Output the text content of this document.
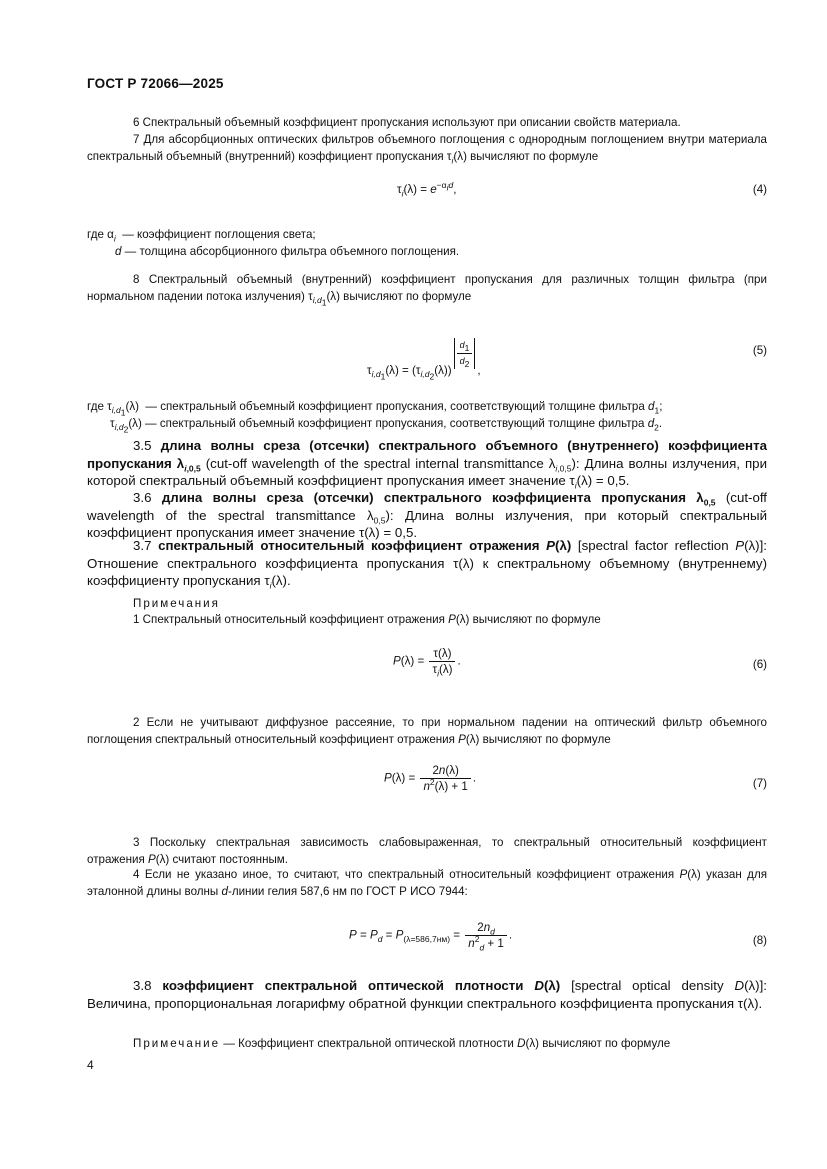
ГОСТ Р 72066—2025
6 Спектральный объемный коэффициент пропускания используют при описании свойств материала.
7 Для абсорбционных оптических фильтров объемного поглощения с однородным поглощением внутри материала спектральный объемный (внутренний) коэффициент пропускания $\tau_i(\lambda)$ вычисляют по формуле
$\tau_i(\lambda) = e^{-\alpha_id}$,	(4)
где $\alpha_i$  — коэффициент поглощения света;
d — толщина абсорбционного фильтра объемного поглощения.
8 Спектральный объемный (внутренний) коэффициент пропускания для различных толщин фильтра (при нормальном падении потока излучения) $\tau_{i,d_1}(\lambda)$ вычисляют по формуле
$\tau_{i,d_1}(\lambda) = (\tau_{i,d_2}(\lambda))$
$\frac{d_1}{d_2}$
,
(5)
где $\tau_{i,d_1}(\lambda)$  — спектральный объемный коэффициент пропускания, соответствующий толщине фильтра $d_1$;
$\tau_{i,d_2}(\lambda)$ — спектральный объемный коэффициент пропускания, соответствующий толщине фильтра $d_2$.
3.5 длина волны среза (отсечки) спектрального объемного (внутреннего) коэффициента пропускания $\lambda_{i,0,5}$ (cut-off wavelength of the spectral internal transmittance $\lambda_{i,0,5}$): Длина волны излучения, при которой спектральный объемный коэффициент пропускания имеет значение $\tau_i(\lambda) = 0,5$.
3.6 длина волны среза (отсечки) спектрального коэффициента пропускания $\lambda_{0,5}$ (cut-off wavelength of the spectral transmittance $\lambda_{0,5}$): Длина волны излучения, при который спектральный коэффициент пропускания имеет значение τ(λ) = 0,5.
3.7 спектральный относительный коэффициент отражения P(λ) [spectral factor reflection P(λ)]: Отношение спектрального коэффициента пропускания τ(λ) к спектральному объемному (внутреннему) коэффициенту пропускания $\tau_i(\lambda)$.
Примечания
1 Спектральный относительный коэффициент отражения P(λ) вычисляют по формуле
$P(\lambda) = \frac{\tau(\lambda)}{\tau_i(\lambda)}$ .	(6)
2 Если не учитывают диффузное рассеяние, то при нормальном падении на оптический фильтр объемного поглощения спектральный относительный коэффициент отражения P(λ) вычисляют по формуле
$P(\lambda) = \frac{2n(\lambda)}{n^2(\lambda) + 1}$ .	(7)
3 Поскольку спектральная зависимость слабовыраженная, то спектральный относительный коэффициент отражения P(λ) считают постоянным.
4 Если не указано иное, то считают, что спектральный относительный коэффициент отражения P(λ) указан для эталонной длины волны d-линии гелия 587,6 нм по ГОСТ Р ИСО 7944:
$P = P_d = P_{(\lambda=586,7нм)} = \frac{2n_d}{n^2_d + 1}$ .	(8)
3.8 коэффициент спектральной оптической плотности D(λ) [spectral optical density D(λ)]: Величина, пропорциональная логарифму обратной функции спектрального коэффициента пропускания τ(λ).
Примечание — Коэффициент спектральной оптической плотности D(λ) вычисляют по формуле
4
